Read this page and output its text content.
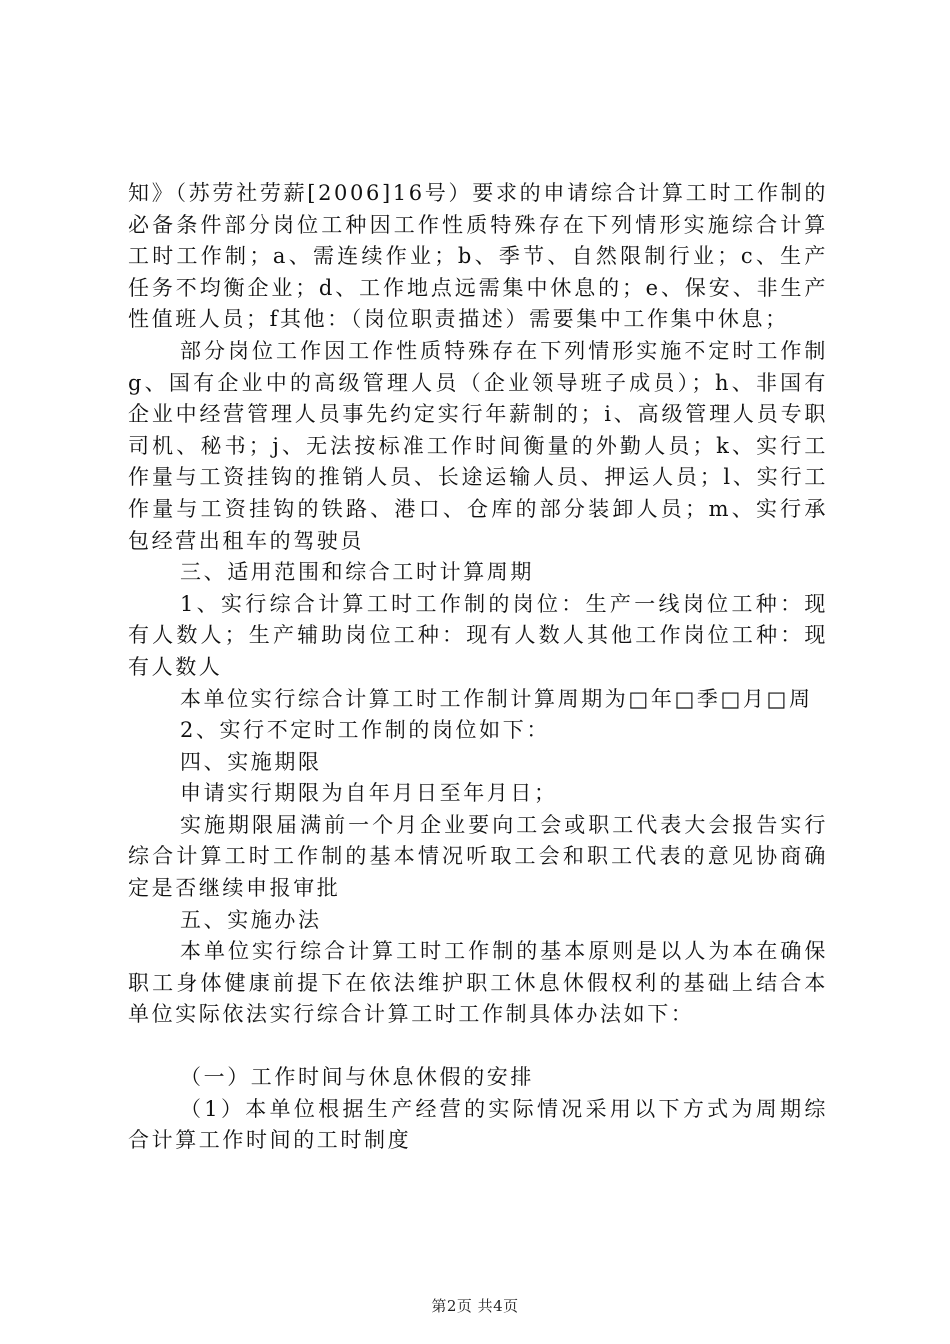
知》（苏劳社劳薪[2006]16号）要求的申请综合计算工时工作制的必备条件部分岗位工种因工作性质特殊存在下列情形实施综合计算工时工作制；a、需连续作业；b、季节、自然限制行业；c、生产任务不均衡企业；d、工作地点远需集中休息的；e、保安、非生产性值班人员；f其他：（岗位职责描述）需要集中工作集中休息；

部分岗位工作因工作性质特殊存在下列情形实施不定时工作制g、国有企业中的高级管理人员（企业领导班子成员）；h、非国有企业中经营管理人员事先约定实行年薪制的；i、高级管理人员专职司机、秘书；j、无法按标准工作时间衡量的外勤人员；k、实行工作量与工资挂钩的推销人员、长途运输人员、押运人员；l、实行工作量与工资挂钩的铁路、港口、仓库的部分装卸人员；m、实行承包经营出租车的驾驶员

三、适用范围和综合工时计算周期

1、实行综合计算工时工作制的岗位：生产一线岗位工种：现有人数人；生产辅助岗位工种：现有人数人其他工作岗位工种：现有人数人

本单位实行综合计算工时工作制计算周期为□年□季□月□周

2、实行不定时工作制的岗位如下：

四、实施期限

申请实行期限为自年月日至年月日；

实施期限届满前一个月企业要向工会或职工代表大会报告实行综合计算工时工作制的基本情况听取工会和职工代表的意见协商确定是否继续申报审批

五、实施办法

本单位实行综合计算工时工作制的基本原则是以人为本在确保职工身体健康前提下在依法维护职工休息休假权利的基础上结合本单位实际依法实行综合计算工时工作制具体办法如下：

（一）工作时间与休息休假的安排

（1）本单位根据生产经营的实际情况采用以下方式为周期综合计算工作时间的工时制度

第2页 共4页
